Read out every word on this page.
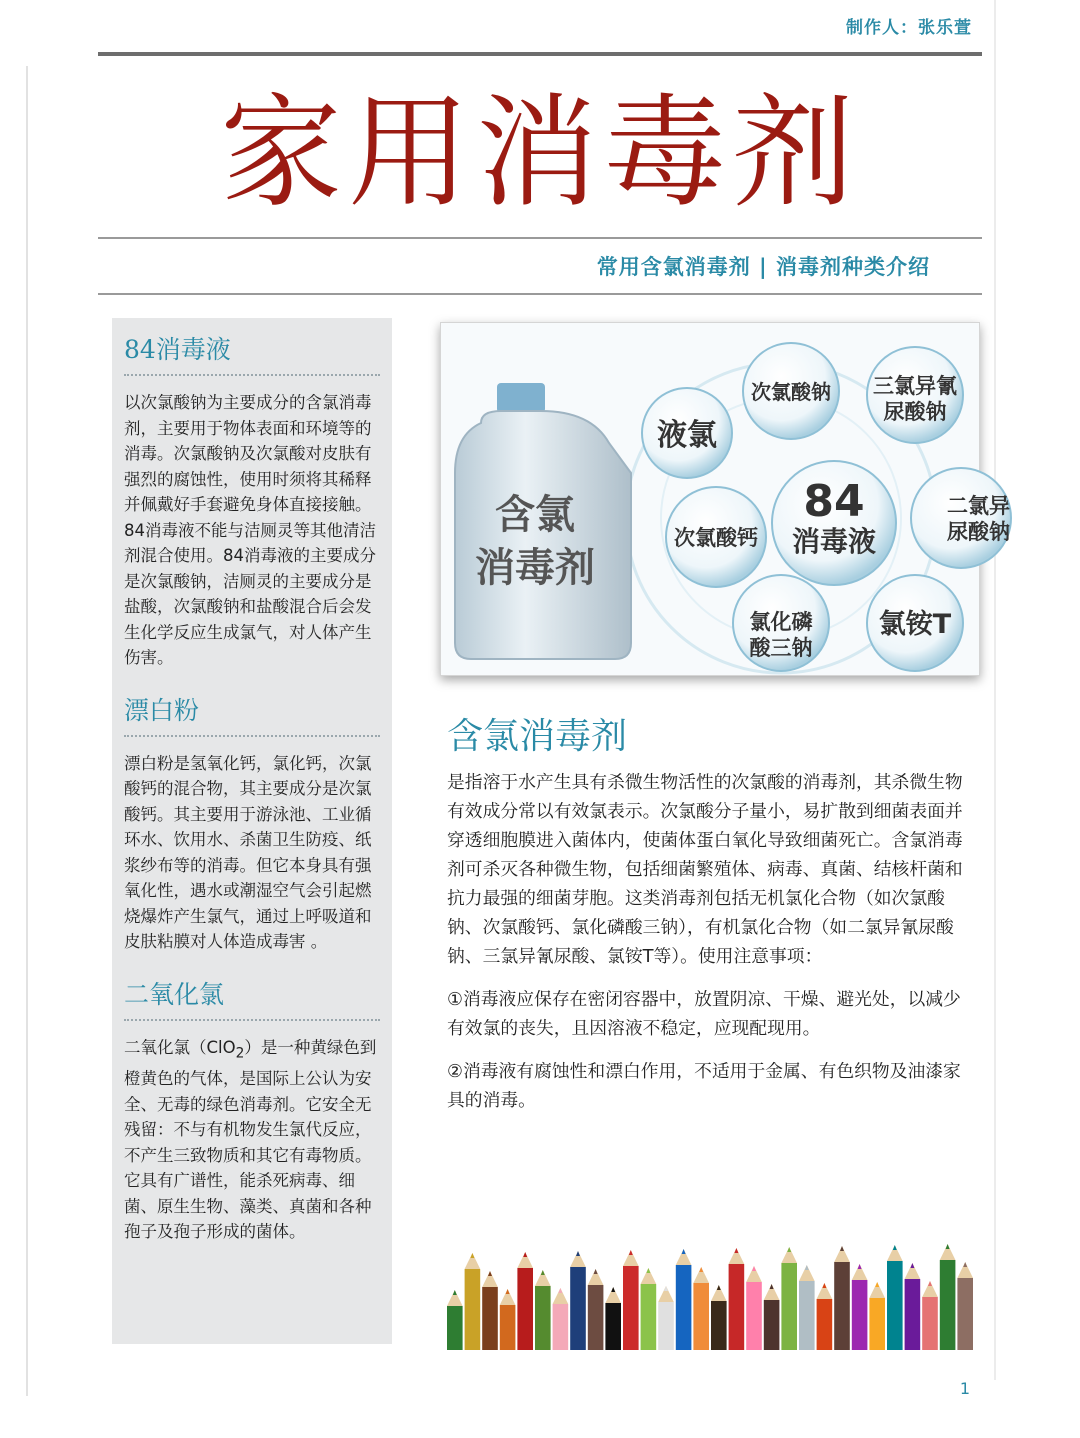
制作人：张乐萱
家用消毒剂
常用含氯消毒剂 | 消毒剂种类介绍
84消毒液

以次氯酸钠为主要成分的含氯消毒剂，主要用于物体表面和环境等的消毒。次氯酸钠及次氯酸对皮肤有强烈的腐蚀性，使用时须将其稀释并佩戴好手套避免身体直接接触。84消毒液不能与洁厕灵等其他清洁剂混合使用。84消毒液的主要成分是次氯酸钠，洁厕灵的主要成分是盐酸，次氯酸钠和盐酸混合后会发生化学反应生成氯气，对人体产生伤害。

漂白粉

漂白粉是氢氧化钙，氯化钙，次氯酸钙的混合物，其主要成分是次氯酸钙。其主要用于游泳池、工业循环水、饮用水、杀菌卫生防疫、纸浆纱布等的消毒。但它本身具有强氧化性，遇水或潮湿空气会引起燃烧爆炸产生氯气，通过上呼吸道和皮肤粘膜对人体造成毒害 。

二氧化氯

二氧化氯（ClO$_2$）是一种黄绿色到橙黄色的气体，是国际上公认为安全、无毒的绿色消毒剂。它安全无残留：不与有机物发生氯代反应，不产生三致物质和其它有毒物质。它具有广谱性，能杀死病毒、细菌、原生生物、藻类、真菌和各种孢子及孢子形成的菌体。

含氯
消毒剂
液氯
次氯酸钠 三氯异氰
尿酸钠
次氯酸钙
84
消毒液
二氯异
尿酸钠
氯化磷
酸三钠
氯铵T
含氯消毒剂

是指溶于水产生具有杀微生物活性的次氯酸的消毒剂，其杀微生物有效成分常以有效氯表示。次氯酸分子量小，易扩散到细菌表面并穿透细胞膜进入菌体内，使菌体蛋白氧化导致细菌死亡。含氯消毒剂可杀灭各种微生物，包括细菌繁殖体、病毒、真菌、结核杆菌和抗力最强的细菌芽胞。这类消毒剂包括无机氯化合物（如次氯酸钠、次氯酸钙、氯化磷酸三钠），有机氯化合物（如二氯异氰尿酸钠、三氯异氰尿酸、氯铵T等）。使用注意事项：

①消毒液应保存在密闭容器中，放置阴凉、干燥、避光处，以减少有效氯的丧失，且因溶液不稳定，应现配现用。

②消毒液有腐蚀性和漂白作用，不适用于金属、有色织物及油漆家具的消毒。

1
